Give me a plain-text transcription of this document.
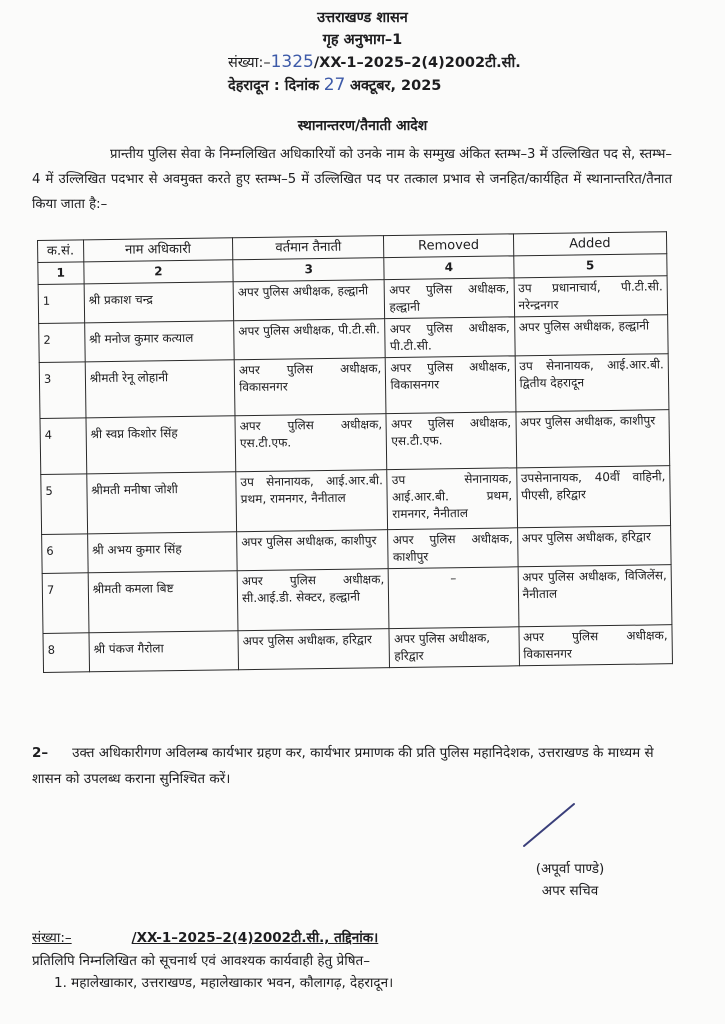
उत्तराखण्ड शासन
गृह अनुभाग–1
संख्या:–1325/XX-1–2025–2(4)2002टी.सी.
देहरादून : दिनांक 27 अक्टूबर, 2025
स्थानान्तरण/तैनाती आदेश
प्रान्तीय पुलिस सेवा के निम्नलिखित अधिकारियों को उनके नाम के सम्मुख अंकित स्तम्भ–3 में उल्लिखित पद से, स्तम्भ–4 में उल्लिखित पदभार से अवमुक्त करते हुए स्तम्भ–5 में उल्लिखित पद पर तत्काल प्रभाव से जनहित/कार्यहित में स्थानान्तरित/तैनात किया जाता है:–
क.सं.	नाम अधिकारी	वर्तमान तैनाती	Removed	Added
1	2	3	4	5
1	श्री प्रकाश चन्द्र	अपर पुलिस अधीक्षक, हल्द्वानी	अपर पुलिस अधीक्षक, हल्द्वानी	उप प्रधानाचार्य, पी.टी.सी. नरेन्द्रनगर
2	श्री मनोज कुमार कत्याल	अपर पुलिस अधीक्षक, पी.टी.सी.	अपर पुलिस अधीक्षक, पी.टी.सी.	अपर पुलिस अधीक्षक, हल्द्वानी
3	श्रीमती रेनू लोहानी	अपर पुलिस अधीक्षक, विकासनगर	अपर पुलिस अधीक्षक, विकासनगर	उप सेनानायक, आई.आर.बी. द्वितीय देहरादून
4	श्री स्वप्न किशोर सिंह	अपर पुलिस अधीक्षक, एस.टी.एफ.	अपर पुलिस अधीक्षक, एस.टी.एफ.	अपर पुलिस अधीक्षक, काशीपुर
5	श्रीमती मनीषा जोशी	उप सेनानायक, आई.आर.बी. प्रथम, रामनगर, नैनीताल	उप सेनानायक, आई.आर.बी. प्रथम, रामनगर, नैनीताल	उपसेनानायक, 40वीं वाहिनी, पीएसी, हरिद्वार
6	श्री अभय कुमार सिंह	अपर पुलिस अधीक्षक, काशीपुर	अपर पुलिस अधीक्षक, काशीपुर	अपर पुलिस अधीक्षक, हरिद्वार
7	श्रीमती कमला बिष्ट	अपर पुलिस अधीक्षक, सी.आई.डी. सेक्टर, हल्द्वानी	–	अपर पुलिस अधीक्षक, विजिलेंस, नैनीताल
8	श्री पंकज गैरोला	अपर पुलिस अधीक्षक, हरिद्वार	अपर पुलिस अधीक्षक, हरिद्वार	अपर पुलिस अधीक्षक, विकासनगर
2– उक्त अधिकारीगण अविलम्ब कार्यभार ग्रहण कर, कार्यभार प्रमाणक की प्रति पुलिस महानिदेशक, उत्तराखण्ड के माध्यम से शासन को उपलब्ध कराना सुनिश्चित करें।
(अपूर्वा पाण्डे)
अपर सचिव
संख्या:–	/XX-1–2025–2(4)2002टी.सी., तद्दिनांक।
प्रतिलिपि निम्नलिखित को सूचनार्थ एवं आवश्यक कार्यवाही हेतु प्रेषित–
1. महालेखाकार, उत्तराखण्ड, महालेखाकार भवन, कौलागढ़, देहरादून।
